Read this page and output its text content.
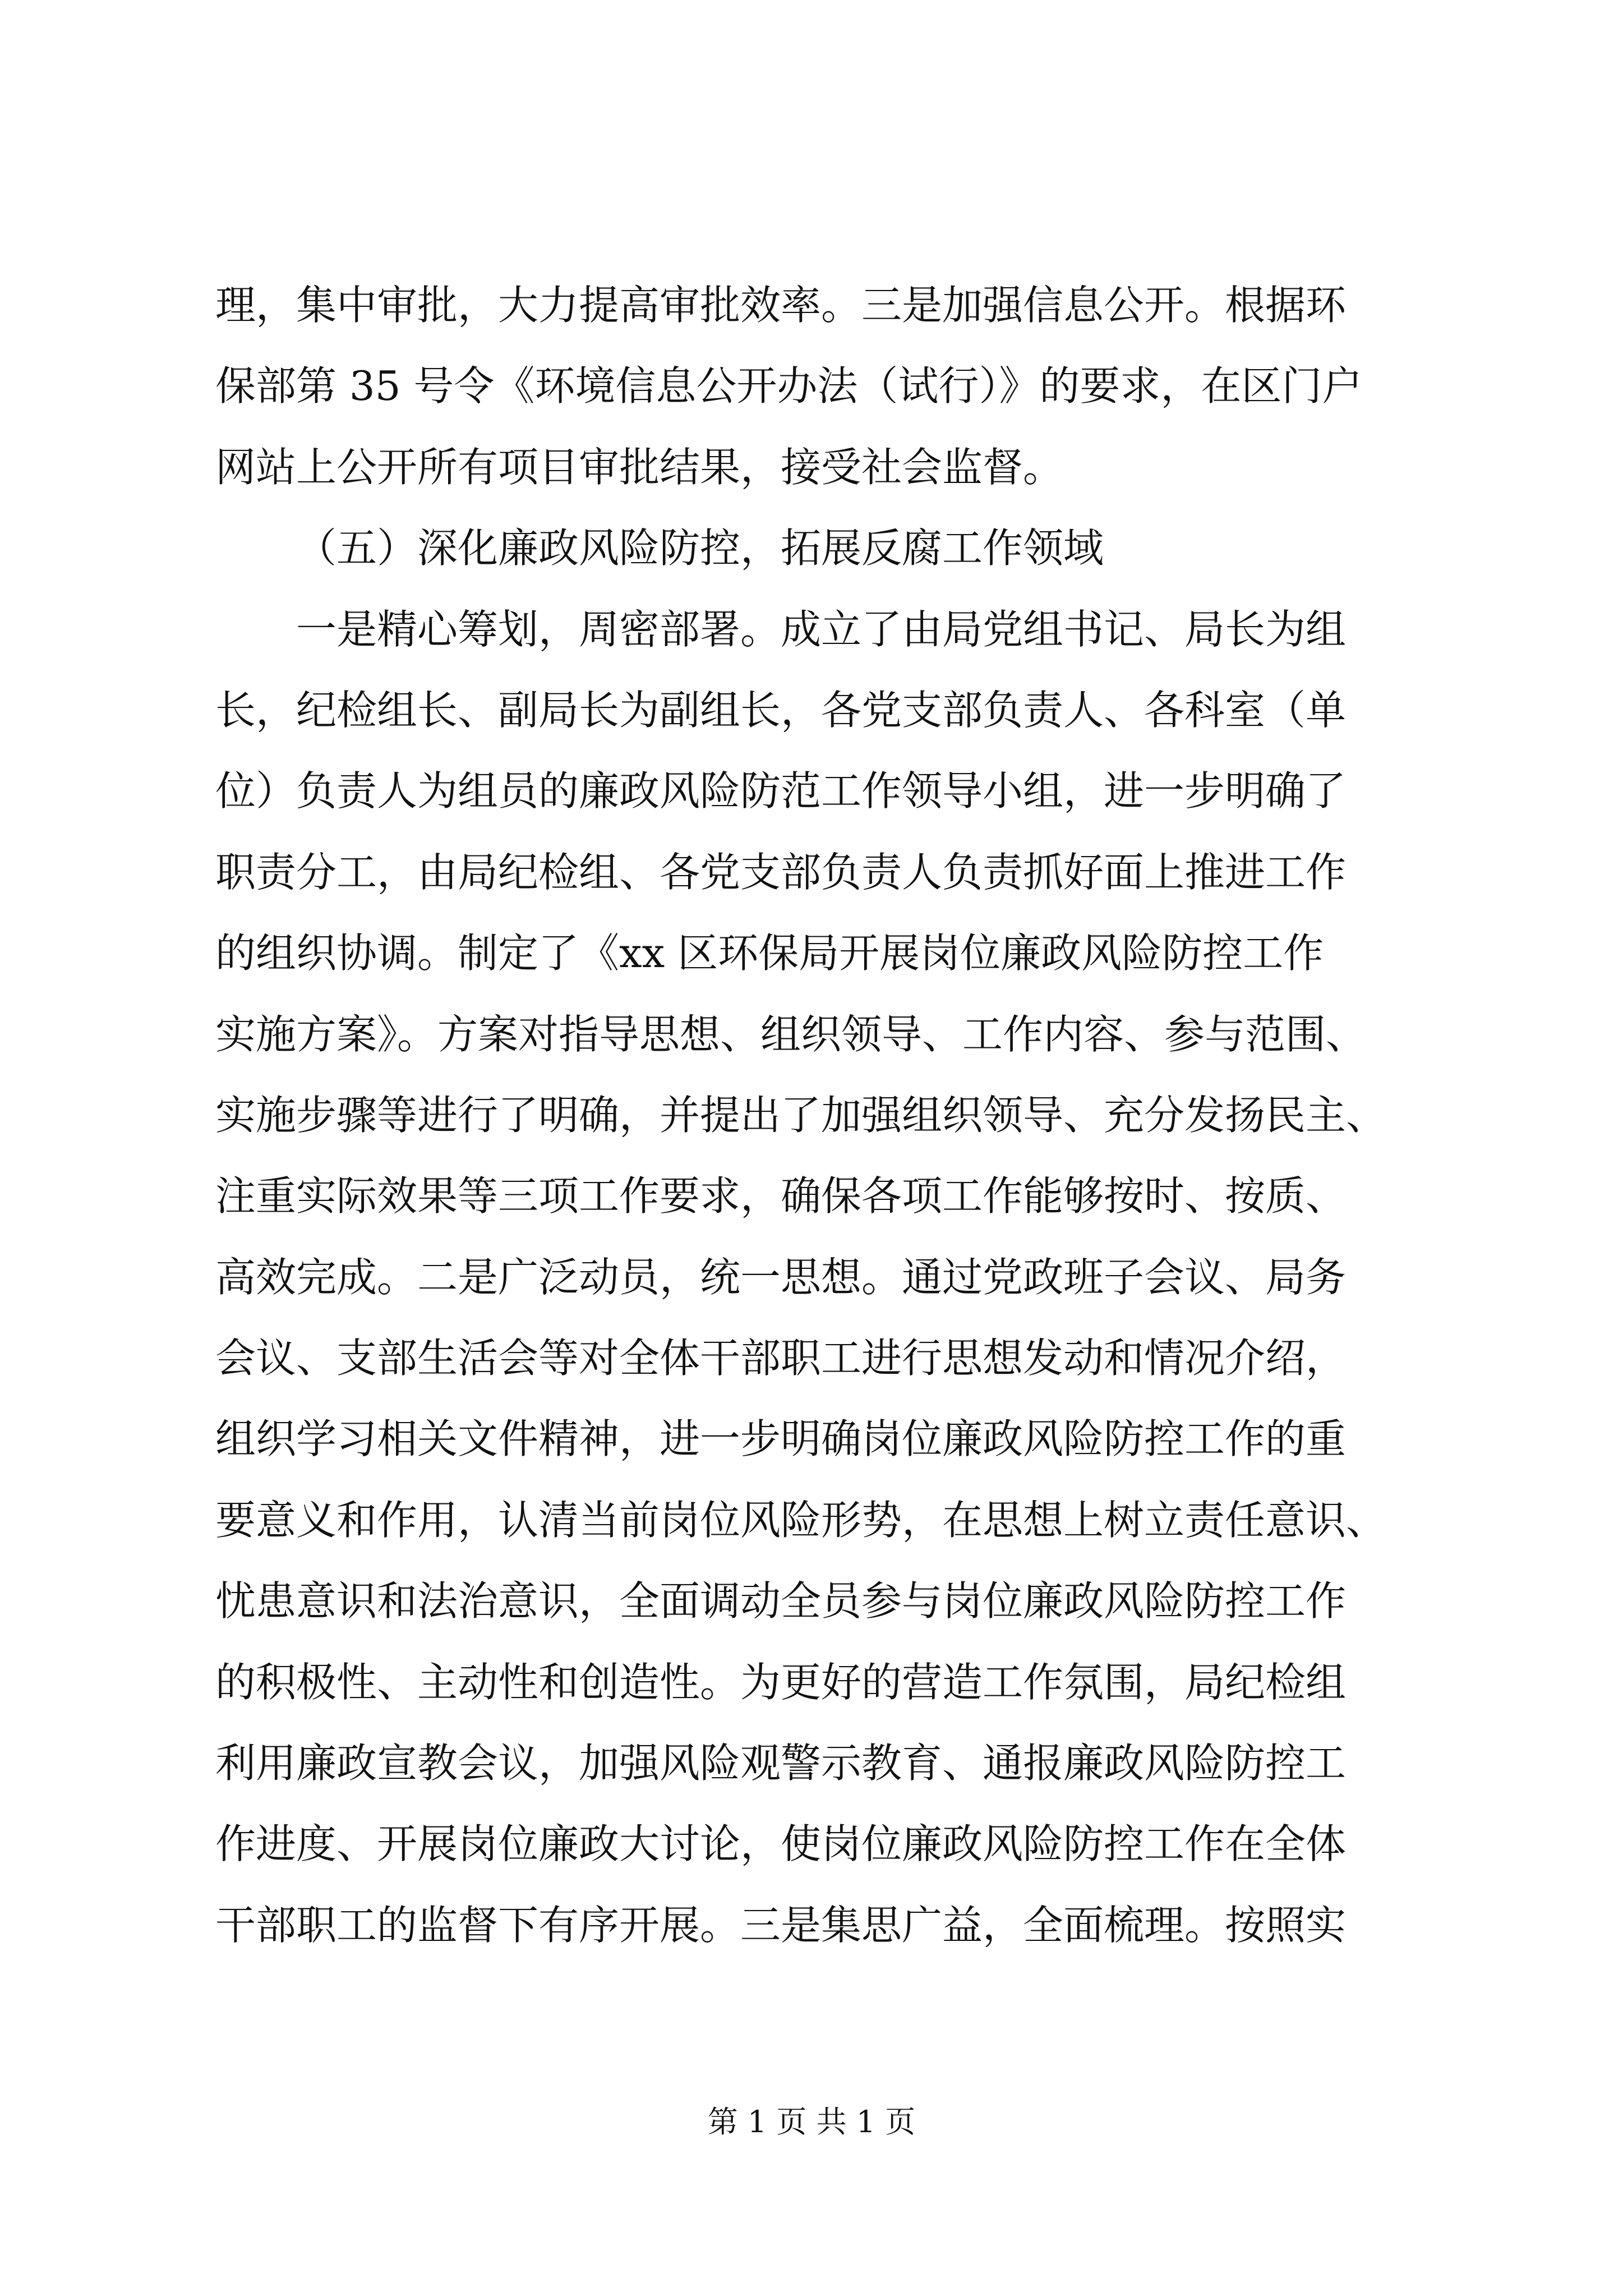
理，集中审批，大力提高审批效率。三是加强信息公开。根据环
保部第 35 号令《环境信息公开办法（试行）》的要求，在区门户
网站上公开所有项目审批结果，接受社会监督。
（五）深化廉政风险防控，拓展反腐工作领域
一是精心筹划，周密部署。成立了由局党组书记、局长为组
长，纪检组长、副局长为副组长，各党支部负责人、各科室（单
位）负责人为组员的廉政风险防范工作领导小组，进一步明确了
职责分工，由局纪检组、各党支部负责人负责抓好面上推进工作
的组织协调。制定了《xx 区环保局开展岗位廉政风险防控工作
实施方案》。方案对指导思想、组织领导、工作内容、参与范围、
实施步骤等进行了明确，并提出了加强组织领导、充分发扬民主、
注重实际效果等三项工作要求，确保各项工作能够按时、按质、
高效完成。二是广泛动员，统一思想。通过党政班子会议、局务
会议、支部生活会等对全体干部职工进行思想发动和情况介绍，
组织学习相关文件精神，进一步明确岗位廉政风险防控工作的重
要意义和作用，认清当前岗位风险形势，在思想上树立责任意识、
忧患意识和法治意识，全面调动全员参与岗位廉政风险防控工作
的积极性、主动性和创造性。为更好的营造工作氛围，局纪检组
利用廉政宣教会议，加强风险观警示教育、通报廉政风险防控工
作进度、开展岗位廉政大讨论，使岗位廉政风险防控工作在全体
干部职工的监督下有序开展。三是集思广益，全面梳理。按照实
第 1 页 共 1 页
